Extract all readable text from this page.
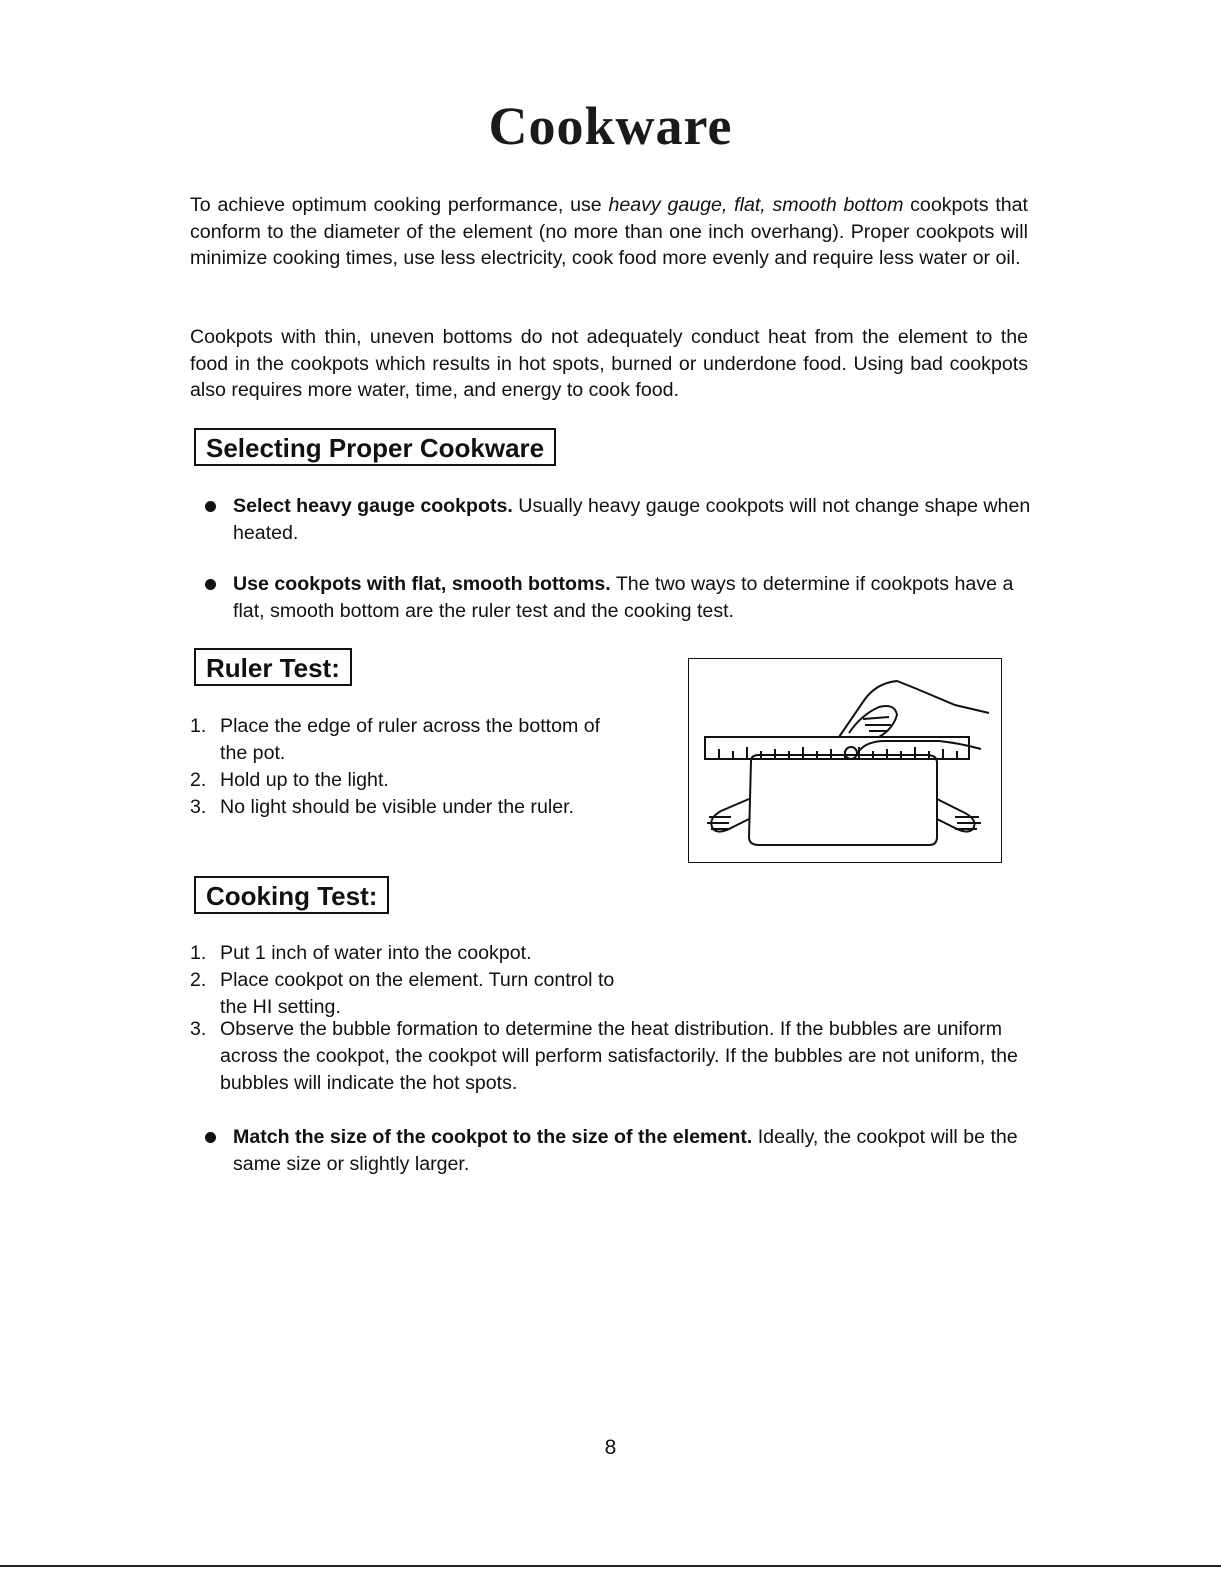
Cookware

To achieve optimum cooking performance, use heavy gauge, flat, smooth bottom cookpots that conform to the diameter of the element (no more than one inch overhang). Proper cookpots will minimize cooking times, use less electricity, cook food more evenly and require less water or oil.

Cookpots with thin, uneven bottoms do not adequately conduct heat from the element to the food in the cookpots which results in hot spots, burned or underdone food. Using bad cookpots also requires more water, time, and energy to cook food.

Selecting Proper Cookware
Select heavy gauge cookpots. Usually heavy gauge cookpots will not change shape when heated.
Use cookpots with flat, smooth bottoms. The two ways to determine if cookpots have a flat, smooth bottom are the ruler test and the cooking test.
Ruler Test:
1. Place the edge of ruler across the bottom of the pot.
2. Hold up to the light.
3. No light should be visible under the ruler.
Cooking Test:
1. Put 1 inch of water into the cookpot.
2. Place cookpot on the element. Turn control to the HI setting.
3. Observe the bubble formation to determine the heat distribution. If the bubbles are uniform across the cookpot, the cookpot will perform satisfactorily. If the bubbles are not uniform, the bubbles will indicate the hot spots.
Match the size of the cookpot to the size of the element. Ideally, the cookpot will be the same size or slightly larger.
8
